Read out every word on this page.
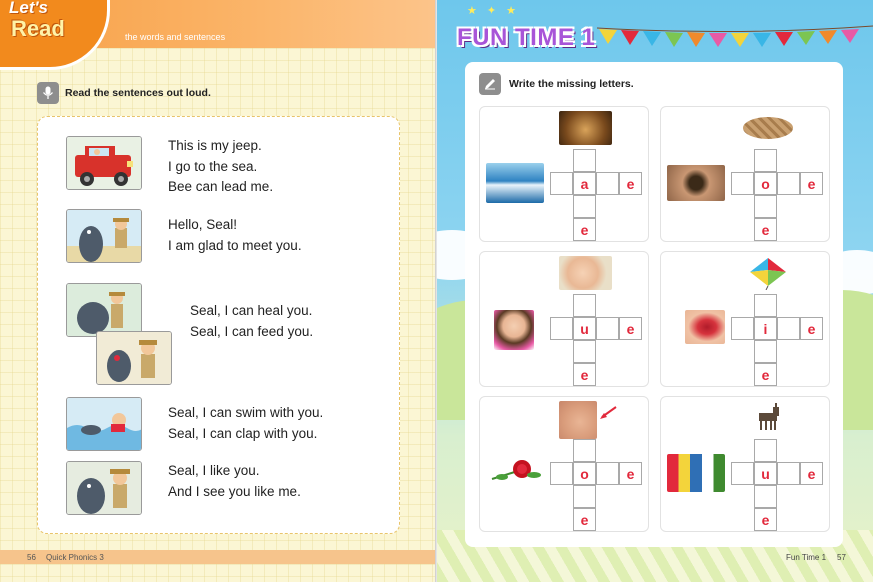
Let's
Read	the words and sentences
Read the sentences out loud.
This is my jeep.
I go to the sea.
Bee can lead me.
Hello, Seal!
I am glad to meet you.
Seal, I can heal you.
Seal, I can feed you.
Seal, I can swim with you.
Seal, I can clap with you.
Seal, I like you.
And I see you like me.
56 Quick Phonics 3
★✦★
FUN TIME 1
Write the missing letters.
a	e
e
o	e
e
u	e
e
i	e
e
o	e
e
u	e
e
Fun Time 1 57
